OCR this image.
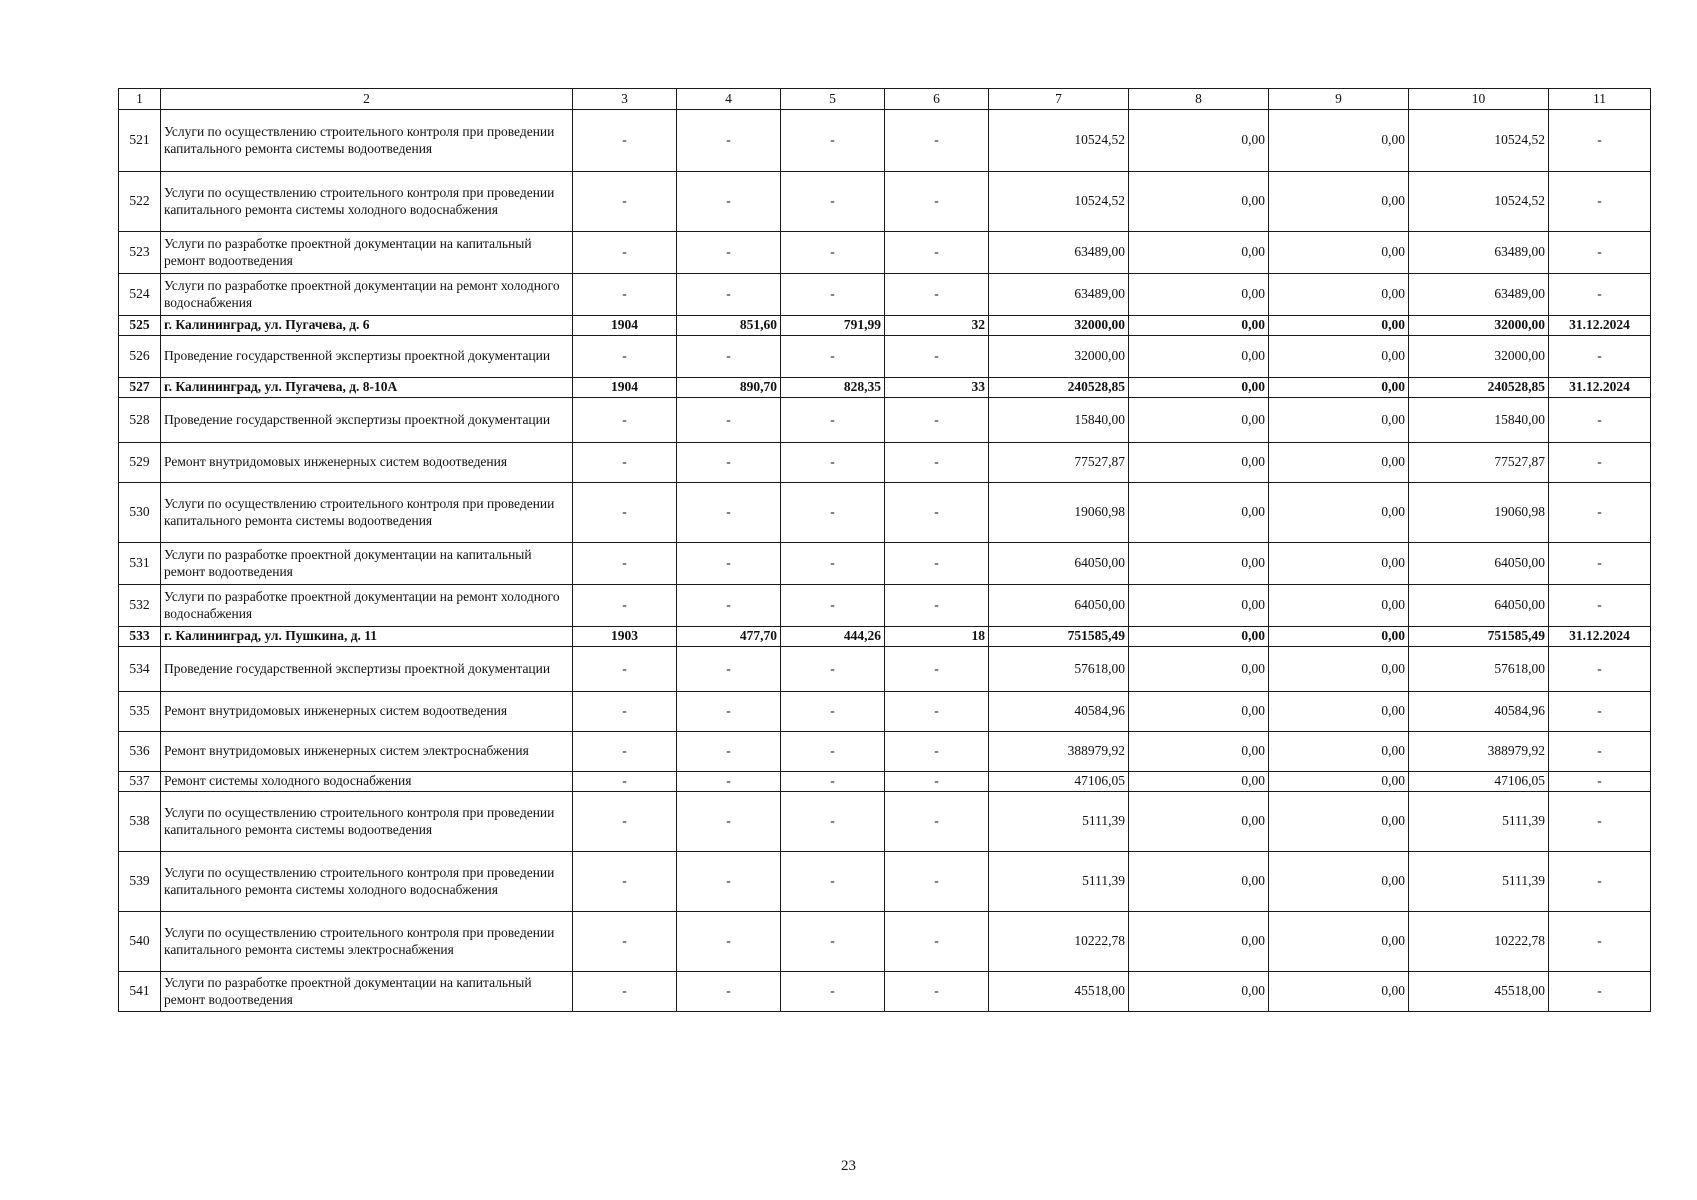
1	2	3	4	5	6	7	8	9	10	11
521	Услуги по осуществлению строительного контроля при проведении капитального ремонта системы водоотведения	-	-	-	-	10524,52	0,00	0,00	10524,52	-
522	Услуги по осуществлению строительного контроля при проведении капитального ремонта системы холодного водоснабжения	-	-	-	-	10524,52	0,00	0,00	10524,52	-
523	Услуги по разработке проектной документации на капитальный ремонт водоотведения	-	-	-	-	63489,00	0,00	0,00	63489,00	-
524	Услуги по разработке проектной документации на ремонт холодного водоснабжения	-	-	-	-	63489,00	0,00	0,00	63489,00	-
525	г. Калининград, ул. Пугачева, д. 6	1904	851,60	791,99	32	32000,00	0,00	0,00	32000,00	31.12.2024
526	Проведение государственной экспертизы проектной документации	-	-	-	-	32000,00	0,00	0,00	32000,00	-
527	г. Калининград, ул. Пугачева, д. 8-10А	1904	890,70	828,35	33	240528,85	0,00	0,00	240528,85	31.12.2024
528	Проведение государственной экспертизы проектной документации	-	-	-	-	15840,00	0,00	0,00	15840,00	-
529	Ремонт внутридомовых инженерных систем водоотведения	-	-	-	-	77527,87	0,00	0,00	77527,87	-
530	Услуги по осуществлению строительного контроля при проведении капитального ремонта системы водоотведения	-	-	-	-	19060,98	0,00	0,00	19060,98	-
531	Услуги по разработке проектной документации на капитальный ремонт водоотведения	-	-	-	-	64050,00	0,00	0,00	64050,00	-
532	Услуги по разработке проектной документации на ремонт холодного водоснабжения	-	-	-	-	64050,00	0,00	0,00	64050,00	-
533	г. Калининград, ул. Пушкина, д. 11	1903	477,70	444,26	18	751585,49	0,00	0,00	751585,49	31.12.2024
534	Проведение государственной экспертизы проектной документации	-	-	-	-	57618,00	0,00	0,00	57618,00	-
535	Ремонт внутридомовых инженерных систем водоотведения	-	-	-	-	40584,96	0,00	0,00	40584,96	-
536	Ремонт внутридомовых инженерных систем электроснабжения	-	-	-	-	388979,92	0,00	0,00	388979,92	-
537	Ремонт системы холодного водоснабжения	-	-	-	-	47106,05	0,00	0,00	47106,05	-
538	Услуги по осуществлению строительного контроля при проведении капитального ремонта системы водоотведения	-	-	-	-	5111,39	0,00	0,00	5111,39	-
539	Услуги по осуществлению строительного контроля при проведении капитального ремонта системы холодного водоснабжения	-	-	-	-	5111,39	0,00	0,00	5111,39	-
540	Услуги по осуществлению строительного контроля при проведении капитального ремонта системы электроснабжения	-	-	-	-	10222,78	0,00	0,00	10222,78	-
541	Услуги по разработке проектной документации на капитальный ремонт водоотведения	-	-	-	-	45518,00	0,00	0,00	45518,00	-
23
